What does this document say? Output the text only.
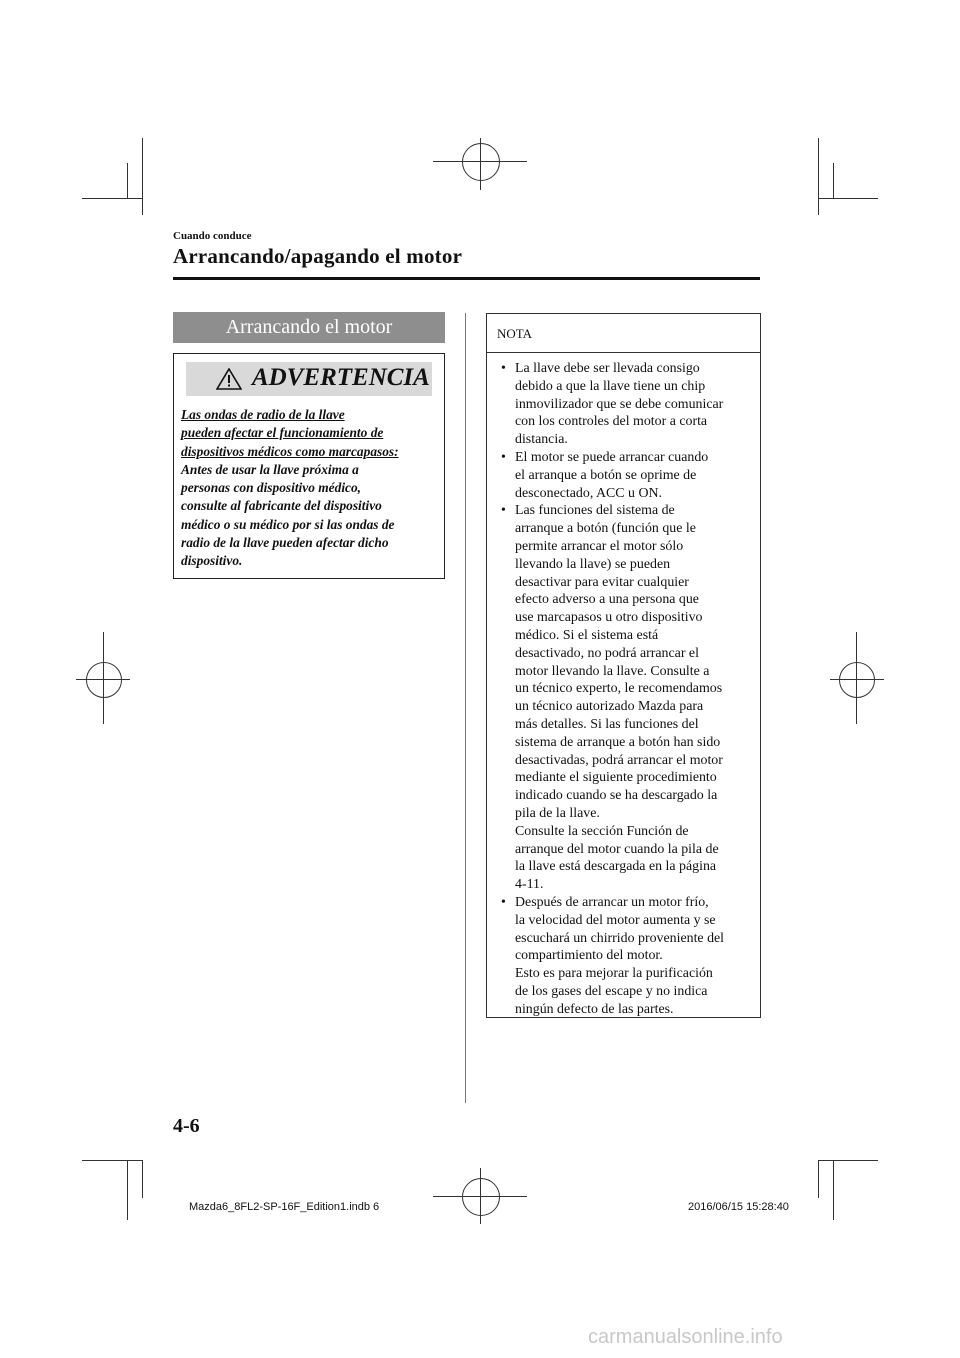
Cuando conduce
Arrancando/apagando el motor
Arrancando el motor
ADVERTENCIA
Las ondas de radio de la llave
pueden afectar el funcionamiento de
dispositivos médicos como marcapasos:
Antes de usar la llave próxima a
personas con dispositivo médico,
consulte al fabricante del dispositivo
médico o su médico por si las ondas de
radio de la llave pueden afectar dicho
dispositivo.
NOTA
• La llave debe ser llevada consigo
debido a que la llave tiene un chip
inmovilizador que se debe comunicar
con los controles del motor a corta
distancia.
• El motor se puede arrancar cuando
el arranque a botón se oprime de
desconectado, ACC u ON.
• Las funciones del sistema de
arranque a botón (función que le
permite arrancar el motor sólo
llevando la llave) se pueden
desactivar para evitar cualquier
efecto adverso a una persona que
use marcapasos u otro dispositivo
médico. Si el sistema está
desactivado, no podrá arrancar el
motor llevando la llave. Consulte a
un técnico experto, le recomendamos
un técnico autorizado Mazda para
más detalles. Si las funciones del
sistema de arranque a botón han sido
desactivadas, podrá arrancar el motor
mediante el siguiente procedimiento
indicado cuando se ha descargado la
pila de la llave.
Consulte la sección Función de
arranque del motor cuando la pila de
la llave está descargada en la página
4-11.
• Después de arrancar un motor frío,
la velocidad del motor aumenta y se
escuchará un chirrido proveniente del
compartimiento del motor.
Esto es para mejorar la purificación
de los gases del escape y no indica
ningún defecto de las partes.
4-6
Mazda6_8FL2-SP-16F_Edition1.indb 6	2016/06/15 15:28:40
carmanualsonline.info
